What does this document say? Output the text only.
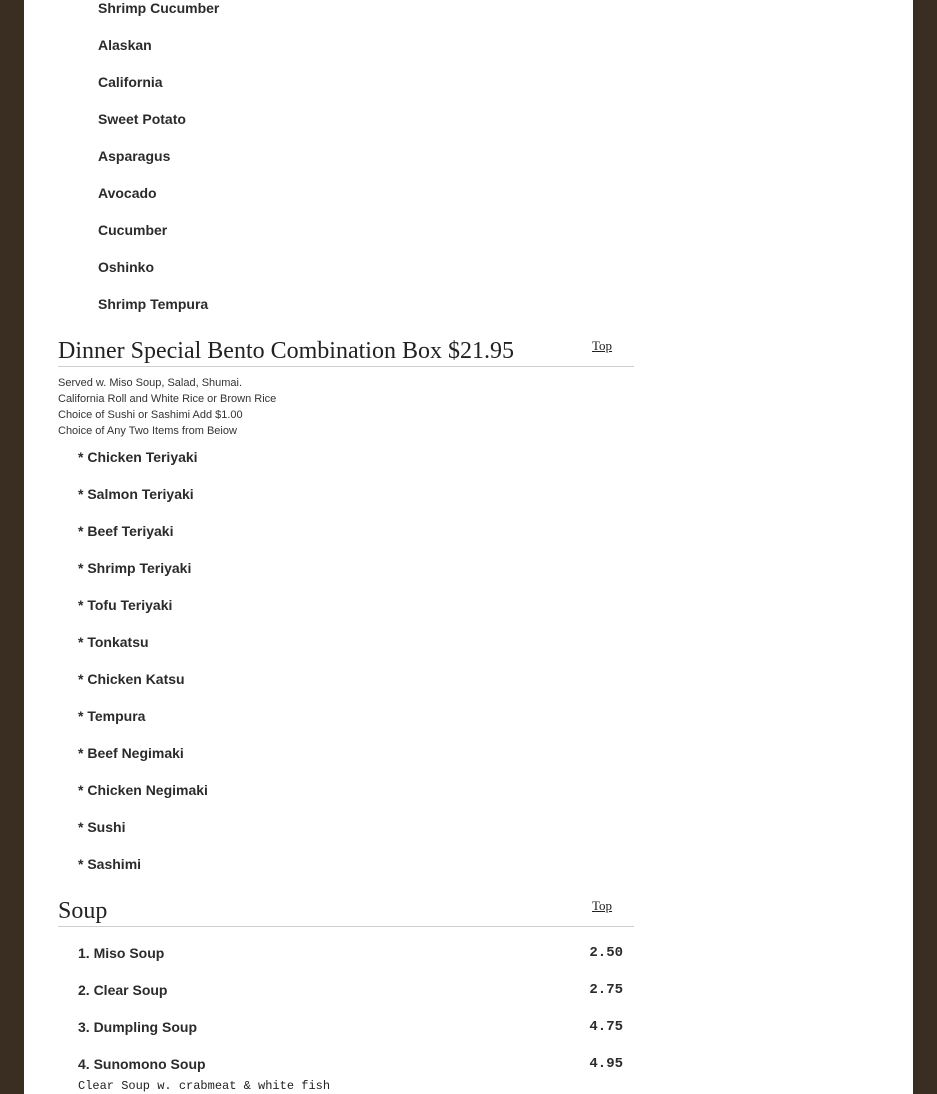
Shrimp Cucumber
Alaskan
California
Sweet Potato
Asparagus
Avocado
Cucumber
Oshinko
Shrimp Tempura
Dinner Special Bento Combination Box $21.95	Top
Served w. Miso Soup, Salad, Shumai.
California Roll and White Rice or Brown Rice
Choice of Sushi or Sashimi Add $1.00
Choice of Any Two Items from Beiow
* Chicken Teriyaki
* Salmon Teriyaki
* Beef Teriyaki
* Shrimp Teriyaki
* Tofu Teriyaki
* Tonkatsu
* Chicken Katsu
* Tempura
* Beef Negimaki
* Chicken Negimaki
* Sushi
* Sashimi
Soup	Top
1. Miso Soup	2.50
2. Clear Soup	2.75
3. Dumpling Soup	4.75
4. Sunomono Soup	4.95
Clear Soup w. crabmeat & white fish
